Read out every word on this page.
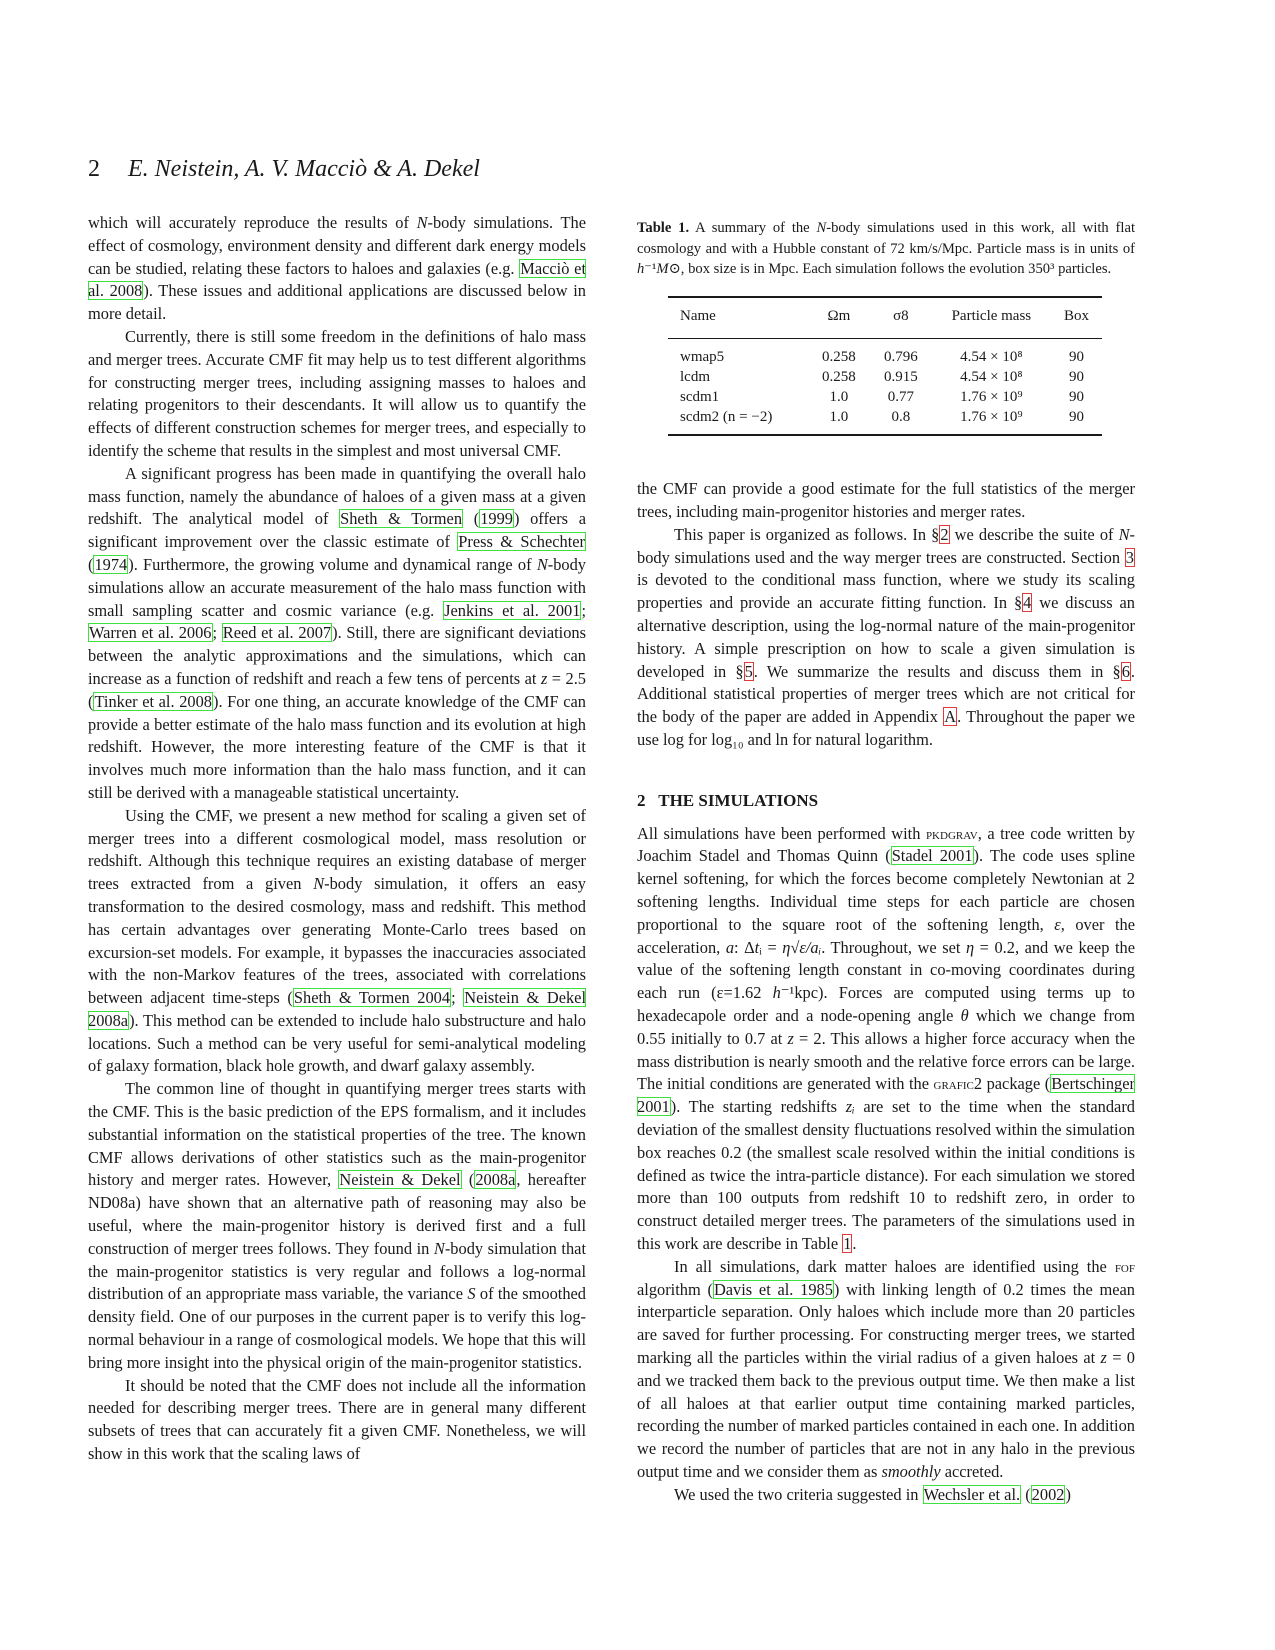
2 E. Neistein, A. V. Macciò & A. Dekel

which will accurately reproduce the results of N-body simulations. The effect of cosmology, environment density and different dark energy models can be studied, relating these factors to haloes and galaxies (e.g. Macciò et al. 2008). These issues and additional applications are discussed below in more detail.

Currently, there is still some freedom in the definitions of halo mass and merger trees. Accurate CMF fit may help us to test different algorithms for constructing merger trees, including assigning masses to haloes and relating progenitors to their descendants. It will allow us to quantify the effects of different construction schemes for merger trees, and especially to identify the scheme that results in the simplest and most universal CMF.

A significant progress has been made in quantifying the overall halo mass function, namely the abundance of haloes of a given mass at a given redshift. The analytical model of Sheth & Tormen (1999) offers a significant improvement over the classic estimate of Press & Schechter (1974). Furthermore, the growing volume and dynamical range of N-body simulations allow an accurate measurement of the halo mass function with small sampling scatter and cosmic variance (e.g. Jenkins et al. 2001; Warren et al. 2006; Reed et al. 2007). Still, there are significant deviations between the analytic approximations and the simulations, which can increase as a function of redshift and reach a few tens of percents at z = 2.5 (Tinker et al. 2008). For one thing, an accurate knowledge of the CMF can provide a better estimate of the halo mass function and its evolution at high redshift. However, the more interesting feature of the CMF is that it involves much more information than the halo mass function, and it can still be derived with a manageable statistical uncertainty.

Using the CMF, we present a new method for scaling a given set of merger trees into a different cosmological model, mass resolution or redshift. Although this technique requires an existing database of merger trees extracted from a given N-body simulation, it offers an easy transformation to the desired cosmology, mass and redshift. This method has certain advantages over generating Monte-Carlo trees based on excursion-set models. For example, it bypasses the inaccuracies associated with the non-Markov features of the trees, associated with correlations between adjacent time-steps (Sheth & Tormen 2004; Neistein & Dekel 2008a). This method can be extended to include halo substructure and halo locations. Such a method can be very useful for semi-analytical modeling of galaxy formation, black hole growth, and dwarf galaxy assembly.

The common line of thought in quantifying merger trees starts with the CMF. This is the basic prediction of the EPS formalism, and it includes substantial information on the statistical properties of the tree. The known CMF allows derivations of other statistics such as the main-progenitor history and merger rates. However, Neistein & Dekel (2008a, hereafter ND08a) have shown that an alternative path of reasoning may also be useful, where the main-progenitor history is derived first and a full construction of merger trees follows. They found in N-body simulation that the main-progenitor statistics is very regular and follows a log-normal distribution of an appropriate mass variable, the variance S of the smoothed density field. One of our purposes in the current paper is to verify this log-normal behaviour in a range of cosmological models. We hope that this will bring more insight into the physical origin of the main-progenitor statistics.

It should be noted that the CMF does not include all the information needed for describing merger trees. There are in general many different subsets of trees that can accurately fit a given CMF. Nonetheless, we will show in this work that the scaling laws of

Table 1. A summary of the N-body simulations used in this work, all with flat cosmology and with a Hubble constant of 72 km/s/Mpc. Particle mass is in units of h⁻¹M⊙, box size is in Mpc. Each simulation follows the evolution 350³ particles.
Name	Ωm	σ8	Particle mass	Box
wmap5	0.258	0.796	4.54 × 10⁸	90
lcdm	0.258	0.915	4.54 × 10⁸	90
scdm1	1.0	0.77	1.76 × 10⁹	90
scdm2 (n = −2)	1.0	0.8	1.76 × 10⁹	90

the CMF can provide a good estimate for the full statistics of the merger trees, including main-progenitor histories and merger rates.

This paper is organized as follows. In §2 we describe the suite of N-body simulations used and the way merger trees are constructed. Section 3 is devoted to the conditional mass function, where we study its scaling properties and provide an accurate fitting function. In §4 we discuss an alternative description, using the log-normal nature of the main-progenitor history. A simple prescription on how to scale a given simulation is developed in §5. We summarize the results and discuss them in §6. Additional statistical properties of merger trees which are not critical for the body of the paper are added in Appendix A. Throughout the paper we use log for log₁₀ and ln for natural logarithm.

2 THE SIMULATIONS

All simulations have been performed with pkdgrav, a tree code written by Joachim Stadel and Thomas Quinn (Stadel 2001). The code uses spline kernel softening, for which the forces become completely Newtonian at 2 softening lengths. Individual time steps for each particle are chosen proportional to the square root of the softening length, ε, over the acceleration, a: Δtᵢ = η√ε/aᵢ. Throughout, we set η = 0.2, and we keep the value of the softening length constant in co-moving coordinates during each run (ε=1.62 h⁻¹kpc). Forces are computed using terms up to hexadecapole order and a node-opening angle θ which we change from 0.55 initially to 0.7 at z = 2. This allows a higher force accuracy when the mass distribution is nearly smooth and the relative force errors can be large. The initial conditions are generated with the grafic2 package (Bertschinger 2001). The starting redshifts zᵢ are set to the time when the standard deviation of the smallest density fluctuations resolved within the simulation box reaches 0.2 (the smallest scale resolved within the initial conditions is defined as twice the intra-particle distance). For each simulation we stored more than 100 outputs from redshift 10 to redshift zero, in order to construct detailed merger trees. The parameters of the simulations used in this work are describe in Table 1.

In all simulations, dark matter haloes are identified using the fof algorithm (Davis et al. 1985) with linking length of 0.2 times the mean interparticle separation. Only haloes which include more than 20 particles are saved for further processing. For constructing merger trees, we started marking all the particles within the virial radius of a given haloes at z = 0 and we tracked them back to the previous output time. We then make a list of all haloes at that earlier output time containing marked particles, recording the number of marked particles contained in each one. In addition we record the number of particles that are not in any halo in the previous output time and we consider them as smoothly accreted.

We used the two criteria suggested in Wechsler et al. (2002)
